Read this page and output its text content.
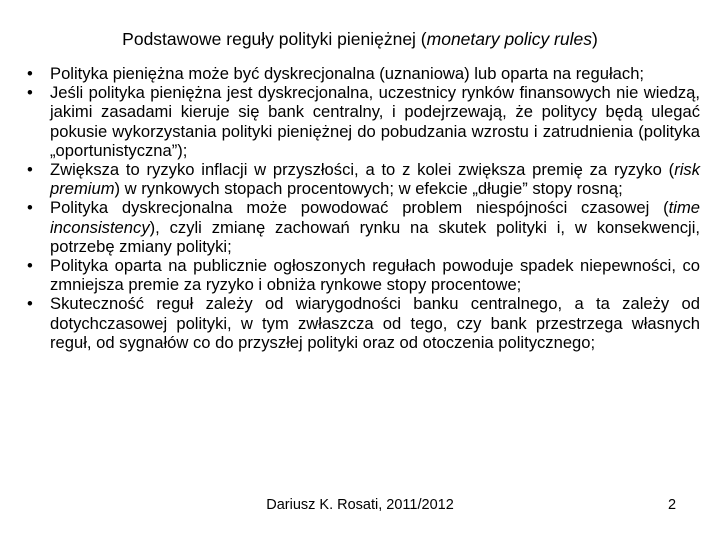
Podstawowe reguły polityki pieniężnej (monetary policy rules)
•	Polityka pieniężna może być dyskrecjonalna (uznaniowa) lub oparta na regułach;
•	Jeśli polityka pieniężna jest dyskrecjonalna, uczestnicy rynków finansowych nie wiedzą, jakimi zasadami kieruje się bank centralny, i podejrzewają, że politycy będą ulegać pokusie wykorzystania polityki pieniężnej do pobudzania wzrostu i zatrudnienia (polityka „oportunistyczna”);
•	Zwiększa to ryzyko inflacji w przyszłości, a to z kolei zwiększa premię za ryzyko (risk premium) w rynkowych stopach procentowych; w efekcie „długie” stopy rosną;
•	Polityka dyskrecjonalna może powodować problem niespójności czasowej (time inconsistency), czyli zmianę zachowań rynku na skutek polityki i, w konsekwencji, potrzebę zmiany polityki;
•	Polityka oparta na publicznie ogłoszonych regułach powoduje spadek niepewności, co zmniejsza premie za ryzyko i obniża rynkowe stopy procentowe;
•	Skuteczność reguł zależy od wiarygodności banku centralnego, a ta zależy od dotychczasowej polityki, w tym zwłaszcza od tego, czy bank przestrzega własnych reguł, od sygnałów co do przyszłej polityki oraz od otoczenia politycznego;
Dariusz K. Rosati, 2011/2012	2
